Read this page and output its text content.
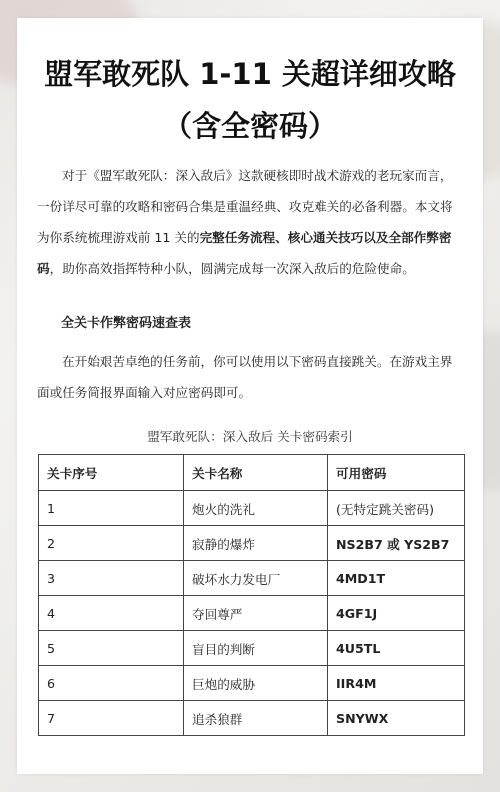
盟军敢死队 1-11 关超详细攻略
（含全密码）

对于《盟军敢死队：深入敌后》这款硬核即时战术游戏的老玩家而言，一份详尽可靠的攻略和密码合集是重温经典、攻克难关的必备利器。本文将为你系统梳理游戏前 11 关的完整任务流程、核心通关技巧以及全部作弊密码，助你高效指挥特种小队，圆满完成每一次深入敌后的危险使命。

全关卡作弊密码速查表

在开始艰苦卓绝的任务前，你可以使用以下密码直接跳关。在游戏主界面或任务简报界面输入对应密码即可。

盟军敢死队：深入敌后 关卡密码索引
关卡序号	关卡名称	可用密码
1	炮火的洗礼	(无特定跳关密码)
2	寂静的爆炸	NS2B7 或 YS2B7
3	破坏水力发电厂	4MD1T
4	夺回尊严	4GF1J
5	盲目的判断	4U5TL
6	巨炮的威胁	IIR4M
7	追杀狼群	SNYWX
